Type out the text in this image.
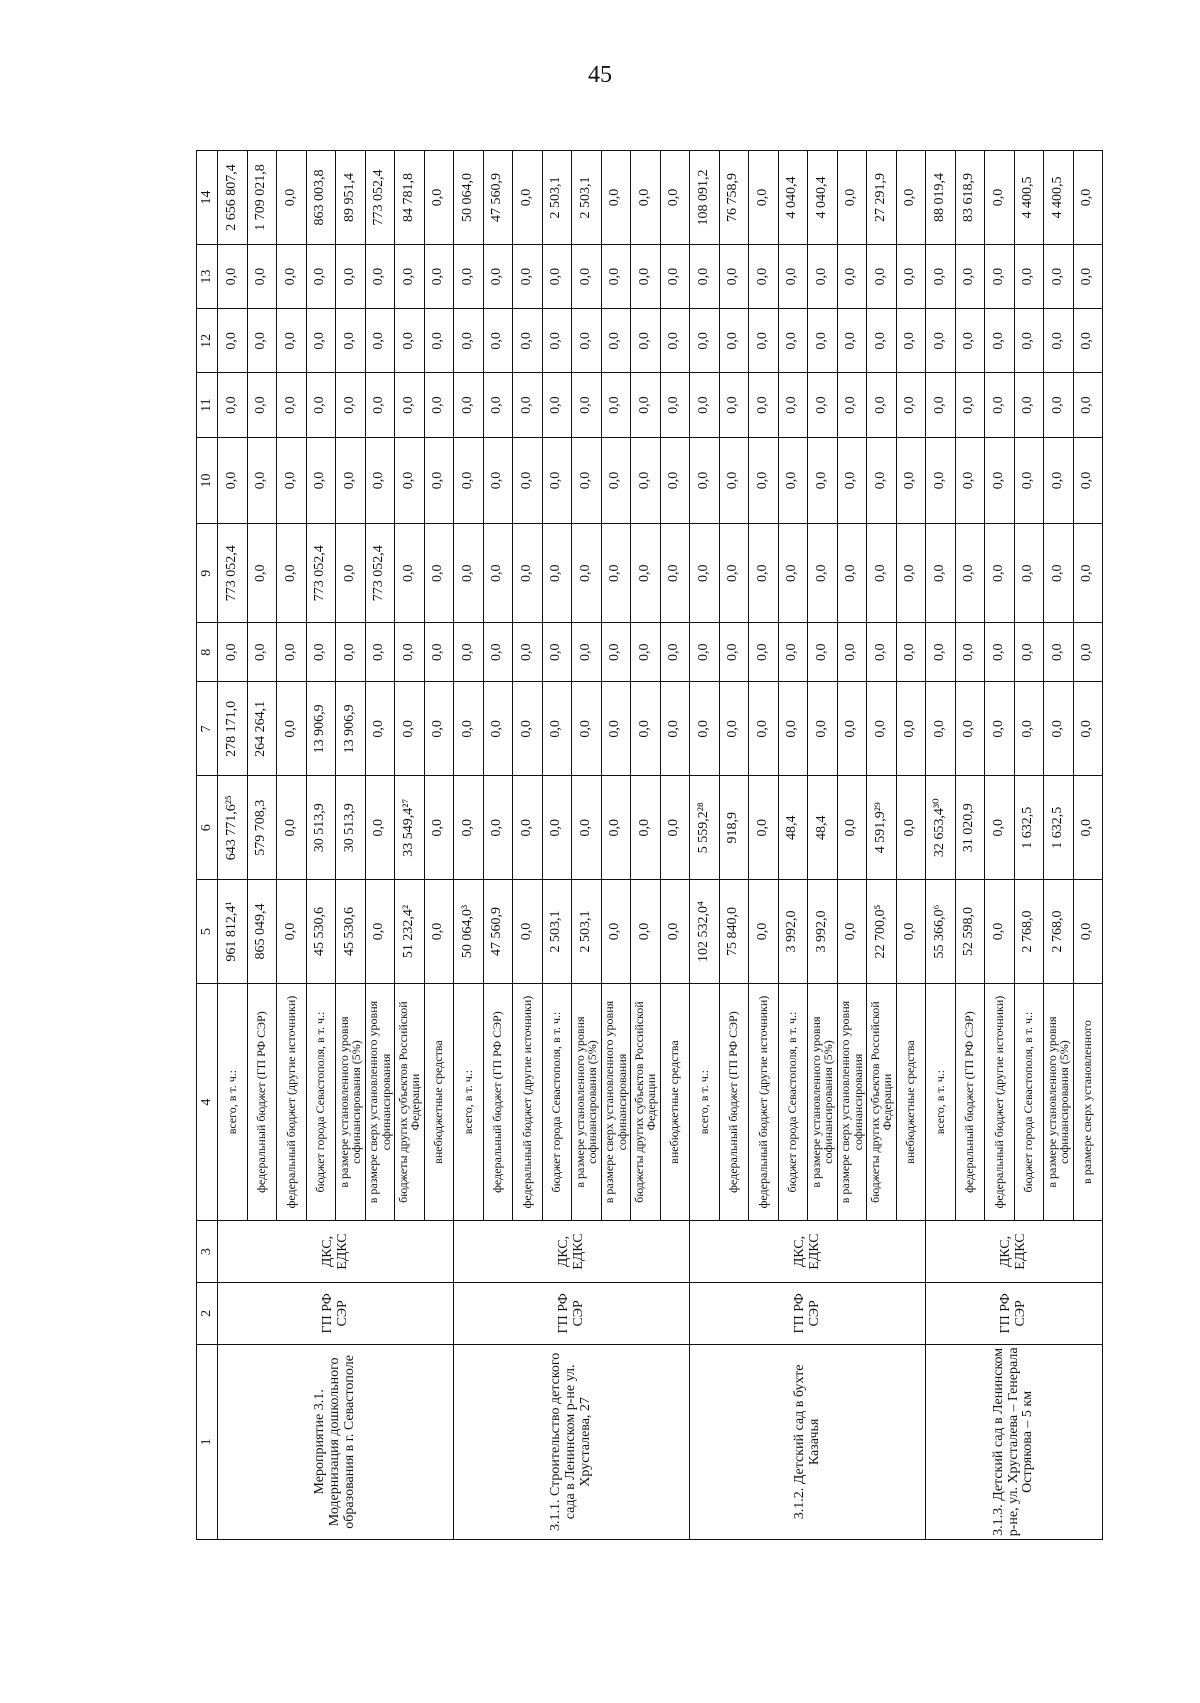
45
1	2	3	4	5	6	7	8	9	10	11	12	13	14
Мероприятие 3.1. Модернизация дошкольного образования в г. Севастополе	ГП РФ СЭР	ДКС, ЕДКС	всего, в т. ч.:	961 812,4¹	643 771,6²⁵	278 171,0	0,0	773 052,4	0,0	0,0	0,0	0,0	2 656 807,4
			федеральный бюджет (ГП РФ СЭР)	865 049,4	579 708,3	264 264,1	0,0	0,0	0,0	0,0	0,0	0,0	1 709 021,8
			федеральный бюджет (другие источники)	0,0	0,0	0,0	0,0	0,0	0,0	0,0	0,0	0,0	0,0
			бюджет города Севастополя, в т. ч.:	45 530,6	30 513,9	13 906,9	0,0	773 052,4	0,0	0,0	0,0	0,0	863 003,8
			в размере установленного уровня софинансирования (5%)	45 530,6	30 513,9	13 906,9	0,0	0,0	0,0	0,0	0,0	0,0	89 951,4
			в размере сверх установленного уровня софинансирования	0,0	0,0	0,0	0,0	773 052,4	0,0	0,0	0,0	0,0	773 052,4
			бюджеты других субъектов Российской Федерации	51 232,4²	33 549,4²⁷	0,0	0,0	0,0	0,0	0,0	0,0	0,0	84 781,8
			внебюджетные средства	0,0	0,0	0,0	0,0	0,0	0,0	0,0	0,0	0,0	0,0
3.1.1. Строительство детского сада в Ленинском р-не ул. Хрусталева, 27	ГП РФ СЭР	ДКС, ЕДКС	всего, в т. ч.:	50 064,0³	0,0	0,0	0,0	0,0	0,0	0,0	0,0	0,0	50 064,0
			федеральный бюджет (ГП РФ СЭР)	47 560,9	0,0	0,0	0,0	0,0	0,0	0,0	0,0	0,0	47 560,9
			федеральный бюджет (другие источники)	0,0	0,0	0,0	0,0	0,0	0,0	0,0	0,0	0,0	0,0
			бюджет города Севастополя, в т. ч.:	2 503,1	0,0	0,0	0,0	0,0	0,0	0,0	0,0	0,0	2 503,1
			в размере установленного уровня софинансирования (5%)	2 503,1	0,0	0,0	0,0	0,0	0,0	0,0	0,0	0,0	2 503,1
			в размере сверх установленного уровня софинансирования	0,0	0,0	0,0	0,0	0,0	0,0	0,0	0,0	0,0	0,0
			бюджеты других субъектов Российской Федерации	0,0	0,0	0,0	0,0	0,0	0,0	0,0	0,0	0,0	0,0
			внебюджетные средства	0,0	0,0	0,0	0,0	0,0	0,0	0,0	0,0	0,0	0,0
3.1.2. Детский сад в бухте Казачья	ГП РФ СЭР	ДКС, ЕДКС	всего, в т. ч.:	102 532,0⁴	5 559,2²⁸	0,0	0,0	0,0	0,0	0,0	0,0	0,0	108 091,2
			федеральный бюджет (ГП РФ СЭР)	75 840,0	918,9	0,0	0,0	0,0	0,0	0,0	0,0	0,0	76 758,9
			федеральный бюджет (другие источники)	0,0	0,0	0,0	0,0	0,0	0,0	0,0	0,0	0,0	0,0
			бюджет города Севастополя, в т. ч.:	3 992,0	48,4	0,0	0,0	0,0	0,0	0,0	0,0	0,0	4 040,4
			в размере установленного уровня софинансирования (5%)	3 992,0	48,4	0,0	0,0	0,0	0,0	0,0	0,0	0,0	4 040,4
			в размере сверх установленного уровня софинансирования	0,0	0,0	0,0	0,0	0,0	0,0	0,0	0,0	0,0	0,0
			бюджеты других субъектов Российской Федерации	22 700,0⁵	4 591,9²⁹	0,0	0,0	0,0	0,0	0,0	0,0	0,0	27 291,9
			внебюджетные средства	0,0	0,0	0,0	0,0	0,0	0,0	0,0	0,0	0,0	0,0
3.1.3. Детский сад в Ленинском р-не, ул. Хрусталева – Генерала Острякова – 5 км	ГП РФ СЭР	ДКС, ЕДКС	всего, в т. ч.:	55 366,0⁶	32 653,4³⁰	0,0	0,0	0,0	0,0	0,0	0,0	0,0	88 019,4
			федеральный бюджет (ГП РФ СЭР)	52 598,0	31 020,9	0,0	0,0	0,0	0,0	0,0	0,0	0,0	83 618,9
			федеральный бюджет (другие источники)	0,0	0,0	0,0	0,0	0,0	0,0	0,0	0,0	0,0	0,0
			бюджет города Севастополя, в т. ч.:	2 768,0	1 632,5	0,0	0,0	0,0	0,0	0,0	0,0	0,0	4 400,5
			в размере установленного уровня софинансирования (5%)	2 768,0	1 632,5	0,0	0,0	0,0	0,0	0,0	0,0	0,0	4 400,5
			в размере сверх установленного	0,0	0,0	0,0	0,0	0,0	0,0	0,0	0,0	0,0	0,0
